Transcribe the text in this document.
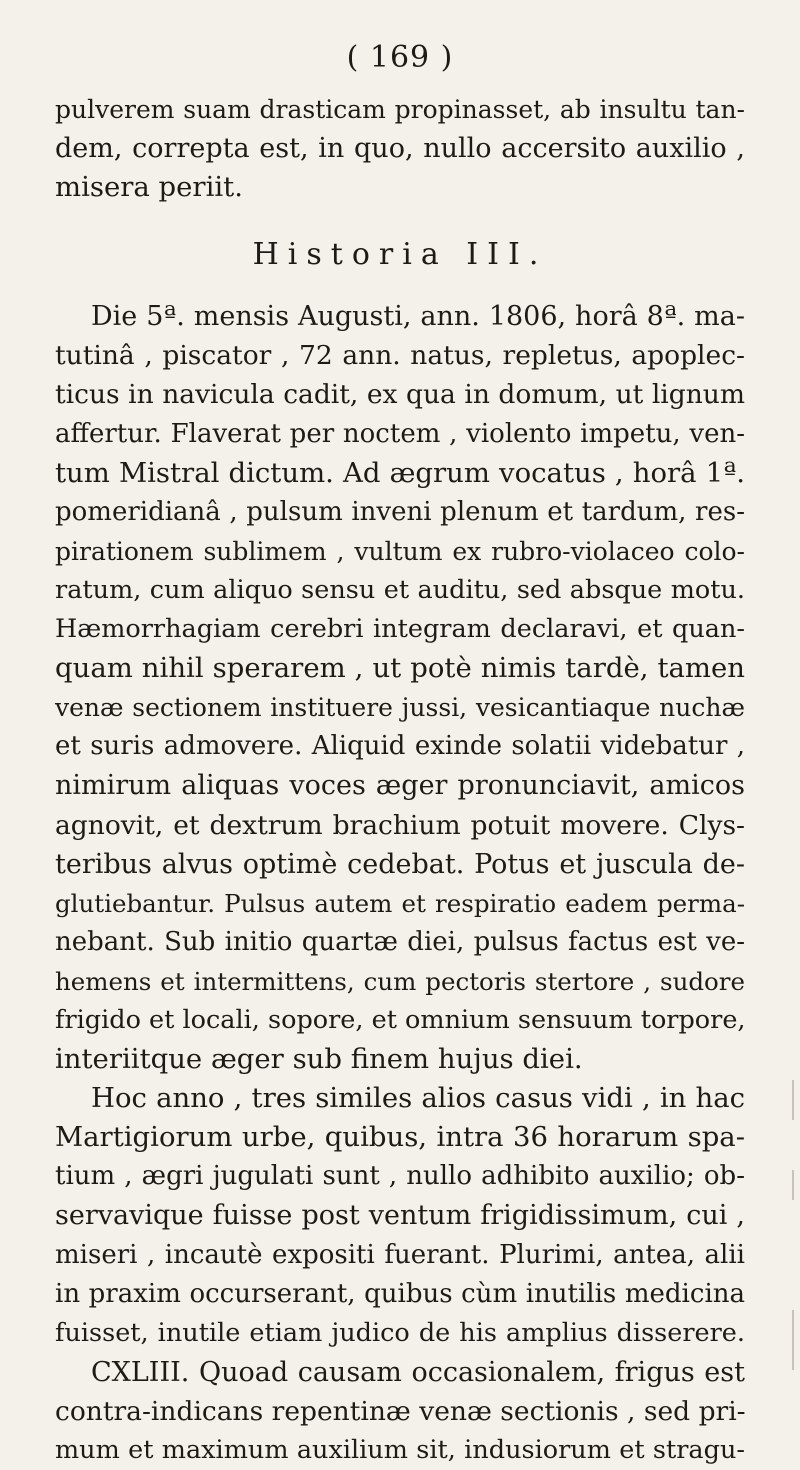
( 169 )
pulverem suam drasticam propinasset, ab insultu tan-
dem, correpta est, in quo, nullo accersito auxilio ,
misera periit.
Historia III.
Die 5ª. mensis Augusti, ann. 1806, horâ 8ª. ma-
tutinâ , piscator , 72 ann. natus, repletus, apoplec-
ticus in navicula cadit, ex qua in domum, ut lignum
affertur. Flaverat per noctem , violento impetu, ven-
tum Mistral dictum. Ad ægrum vocatus , horâ 1ª.
pomeridianâ , pulsum inveni plenum et tardum, res-
pirationem sublimem , vultum ex rubro-violaceo colo-
ratum, cum aliquo sensu et auditu, sed absque motu.
Hæmorrhagiam cerebri integram declaravi, et quan-
quam nihil sperarem , ut potè nimis tardè, tamen
venæ sectionem instituere jussi, vesicantiaque nuchæ
et suris admovere. Aliquid exinde solatii videbatur ,
nimirum aliquas voces æger pronunciavit, amicos
agnovit, et dextrum brachium potuit movere. Clys-
teribus alvus optimè cedebat. Potus et juscula de-
glutiebantur. Pulsus autem et respiratio eadem perma-
nebant. Sub initio quartæ diei, pulsus factus est ve-
hemens et intermittens, cum pectoris stertore , sudore
frigido et locali, sopore, et omnium sensuum torpore,
interiitque æger sub finem hujus diei.
Hoc anno , tres similes alios casus vidi , in hac
Martigiorum urbe, quibus, intra 36 horarum spa-
tium , ægri jugulati sunt , nullo adhibito auxilio; ob-
servavique fuisse post ventum frigidissimum, cui ,
miseri , incautè expositi fuerant. Plurimi, antea, alii
in praxim occurserant, quibus cùm inutilis medicina
fuisset, inutile etiam judico de his amplius disserere.
CXLIII. Quoad causam occasionalem, frigus est
contra-indicans repentinæ venæ sectionis , sed pri-
mum et maximum auxilium sit, indusiorum et stragu-
